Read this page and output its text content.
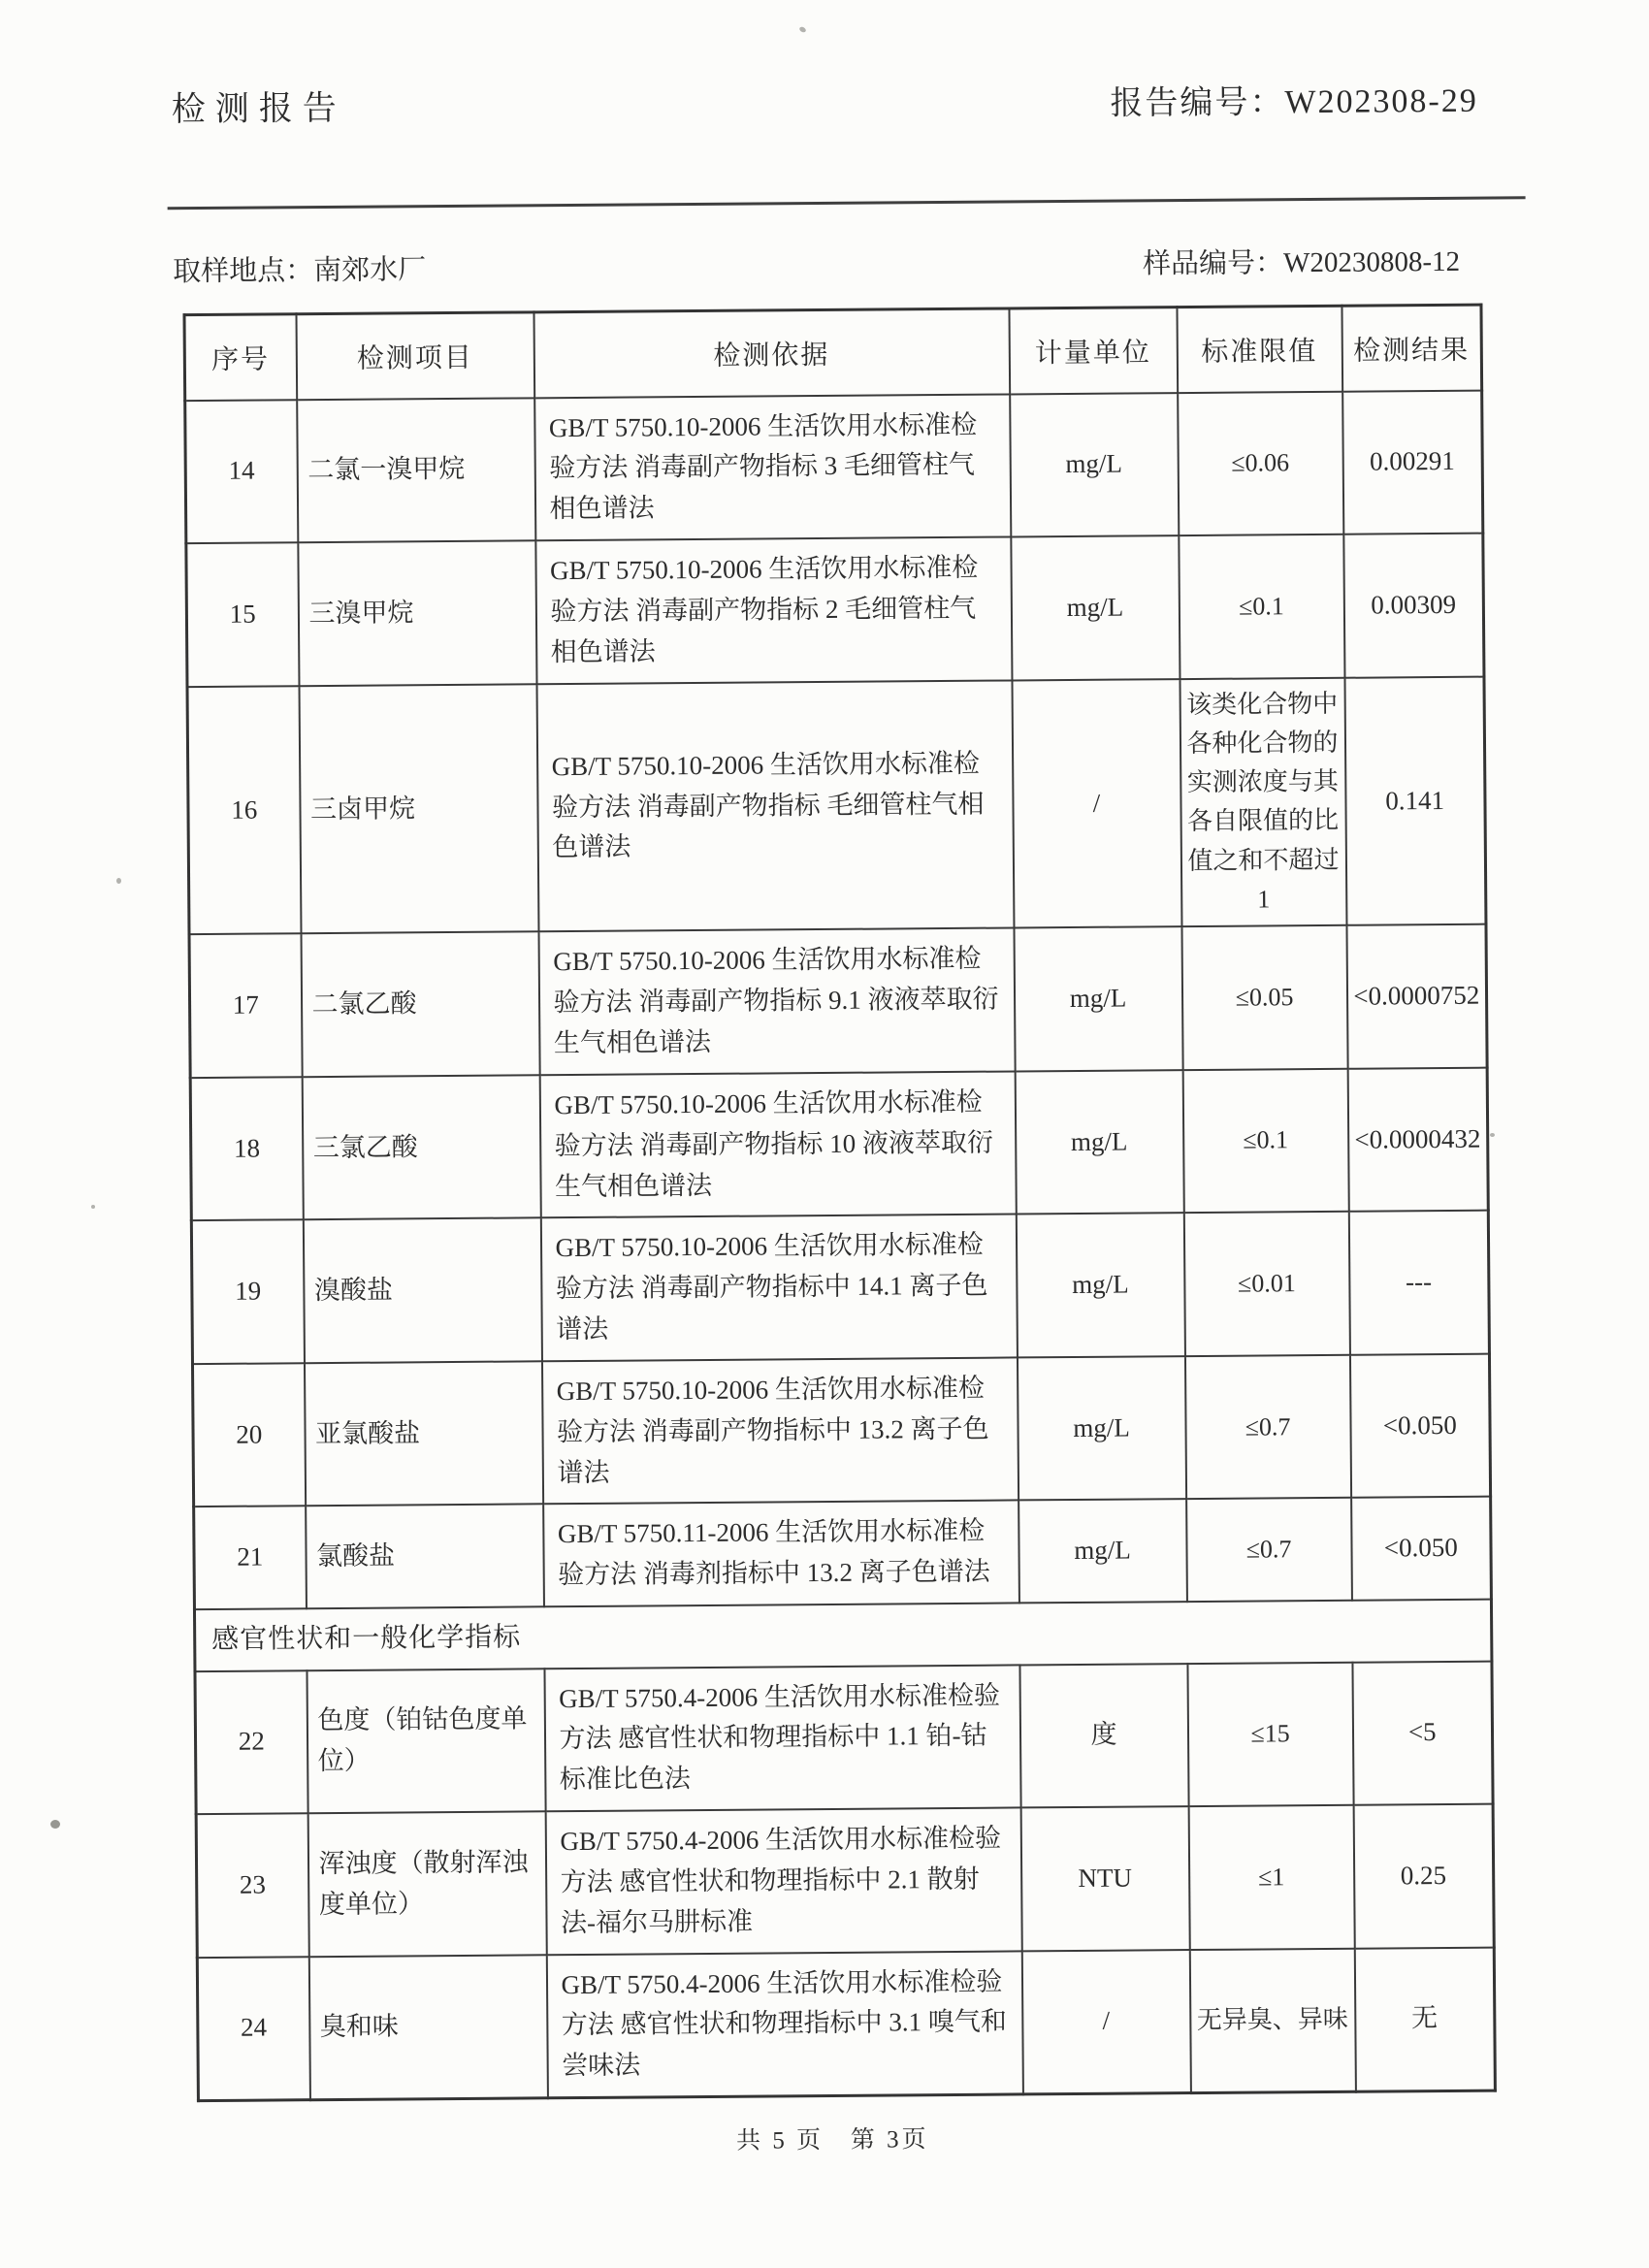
检测报告	报告编号：W202308-29
取样地点：南郊水厂	样品编号：W20230808-12
序号	检测项目	检测依据	计量单位	标准限值	检测结果
14	二氯一溴甲烷	GB/T 5750.10-2006 生活饮用水标准检验方法 消毒副产物指标 3 毛细管柱气相色谱法	mg/L	≤0.06	0.00291
15	三溴甲烷	GB/T 5750.10-2006 生活饮用水标准检验方法 消毒副产物指标 2 毛细管柱气相色谱法	mg/L	≤0.1	0.00309
16	三卤甲烷	GB/T 5750.10-2006 生活饮用水标准检验方法 消毒副产物指标 毛细管柱气相色谱法	/	该类化合物中各种化合物的实测浓度与其各自限值的比值之和不超过1	0.141
17	二氯乙酸	GB/T 5750.10-2006 生活饮用水标准检验方法 消毒副产物指标 9.1 液液萃取衍生气相色谱法	mg/L	≤0.05	<0.0000752
18	三氯乙酸	GB/T 5750.10-2006 生活饮用水标准检验方法 消毒副产物指标 10 液液萃取衍生气相色谱法	mg/L	≤0.1	<0.0000432
19	溴酸盐	GB/T 5750.10-2006 生活饮用水标准检验方法 消毒副产物指标中 14.1 离子色谱法	mg/L	≤0.01	---
20	亚氯酸盐	GB/T 5750.10-2006 生活饮用水标准检验方法 消毒副产物指标中 13.2 离子色谱法	mg/L	≤0.7	<0.050
21	氯酸盐	GB/T 5750.11-2006 生活饮用水标准检验方法 消毒剂指标中 13.2 离子色谱法	mg/L	≤0.7	<0.050
感官性状和一般化学指标					
22	色度（铂钴色度单位）	GB/T 5750.4-2006 生活饮用水标准检验方法 感官性状和物理指标中 1.1 铂-钴标准比色法	度	≤15	<5
23	浑浊度（散射浑浊度单位）	GB/T 5750.4-2006 生活饮用水标准检验方法 感官性状和物理指标中 2.1 散射法-福尔马肼标准	NTU	≤1	0.25
24	臭和味	GB/T 5750.4-2006 生活饮用水标准检验方法 感官性状和物理指标中 3.1 嗅气和尝味法	/	无异臭、异味	无
共 5 页   第 3页
